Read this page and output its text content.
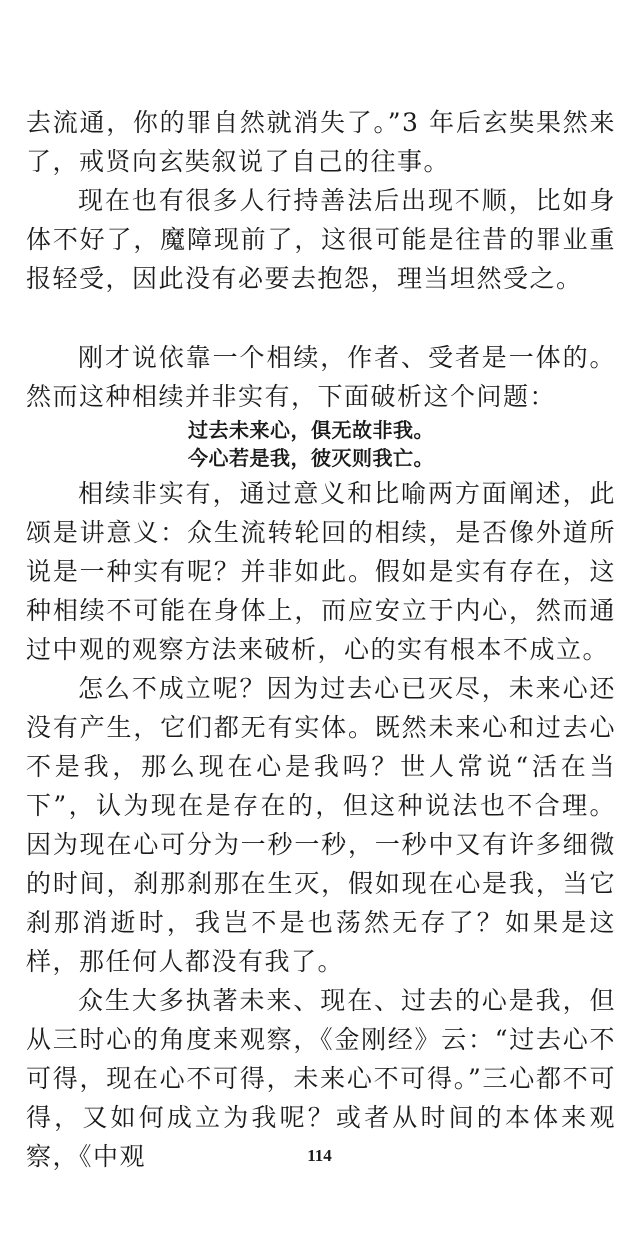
去流通，你的罪自然就消失了。”3 年后玄奘果然来了，戒贤向玄奘叙说了自己的往事。

现在也有很多人行持善法后出现不顺，比如身体不好了，魔障现前了，这很可能是往昔的罪业重报轻受，因此没有必要去抱怨，理当坦然受之。

刚才说依靠一个相续，作者、受者是一体的。然而这种相续并非实有，下面破析这个问题：

过去未来心，俱无故非我。

今心若是我，彼灭则我亡。

相续非实有，通过意义和比喻两方面阐述，此颂是讲意义：众生流转轮回的相续，是否像外道所说是一种实有呢？并非如此。假如是实有存在，这种相续不可能在身体上，而应安立于内心，然而通过中观的观察方法来破析，心的实有根本不成立。

怎么不成立呢？因为过去心已灭尽，未来心还没有产生，它们都无有实体。既然未来心和过去心不是我，那么现在心是我吗？世人常说“活在当下”，认为现在是存在的，但这种说法也不合理。因为现在心可分为一秒一秒，一秒中又有许多细微的时间，刹那刹那在生灭，假如现在心是我，当它刹那消逝时，我岂不是也荡然无存了？如果是这样，那任何人都没有我了。

众生大多执著未来、现在、过去的心是我，但从三时心的角度来观察，《金刚经》云：“过去心不可得，现在心不可得，未来心不可得。”三心都不可得，又如何成立为我呢？或者从时间的本体来观察，《中观	114
